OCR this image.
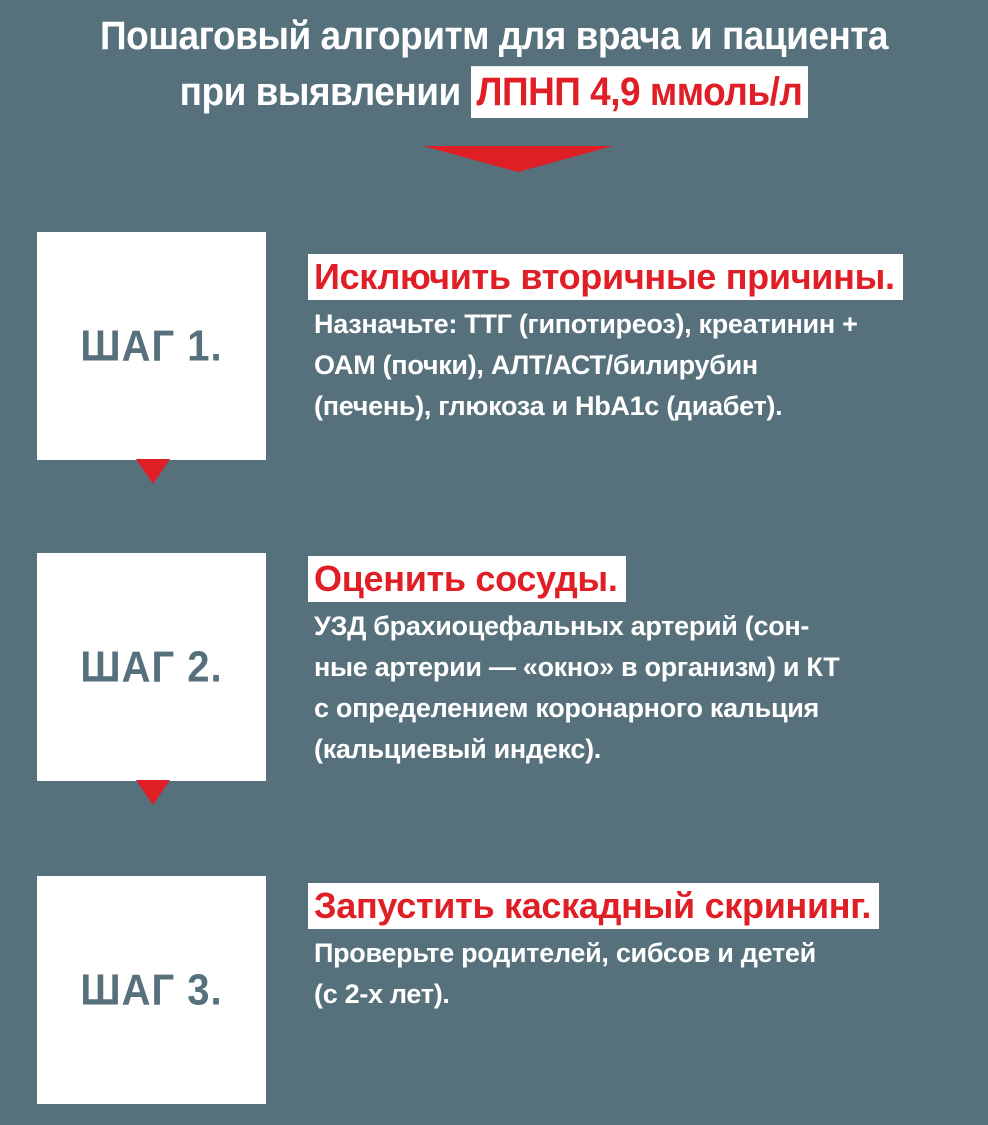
Пошаговый алгоритм для врача и пациента
при выявлении ЛПНП 4,9 ммоль/л
ШАГ 1.
Исключить вторичные причины.
Назначьте: ТТГ (гипотиреоз), креатинин +
ОАМ (почки), АЛТ/АСТ/билирубин
(печень), глюкоза и HbA1c (диабет).
ШАГ 2.
Оценить сосуды.
УЗД брахиоцефальных артерий (сон-
ные артерии — «окно» в организм) и КТ
с определением коронарного кальция
(кальциевый индекс).
ШАГ 3.
Запустить каскадный скрининг.
Проверьте родителей, сибсов и детей
(с 2-х лет).
